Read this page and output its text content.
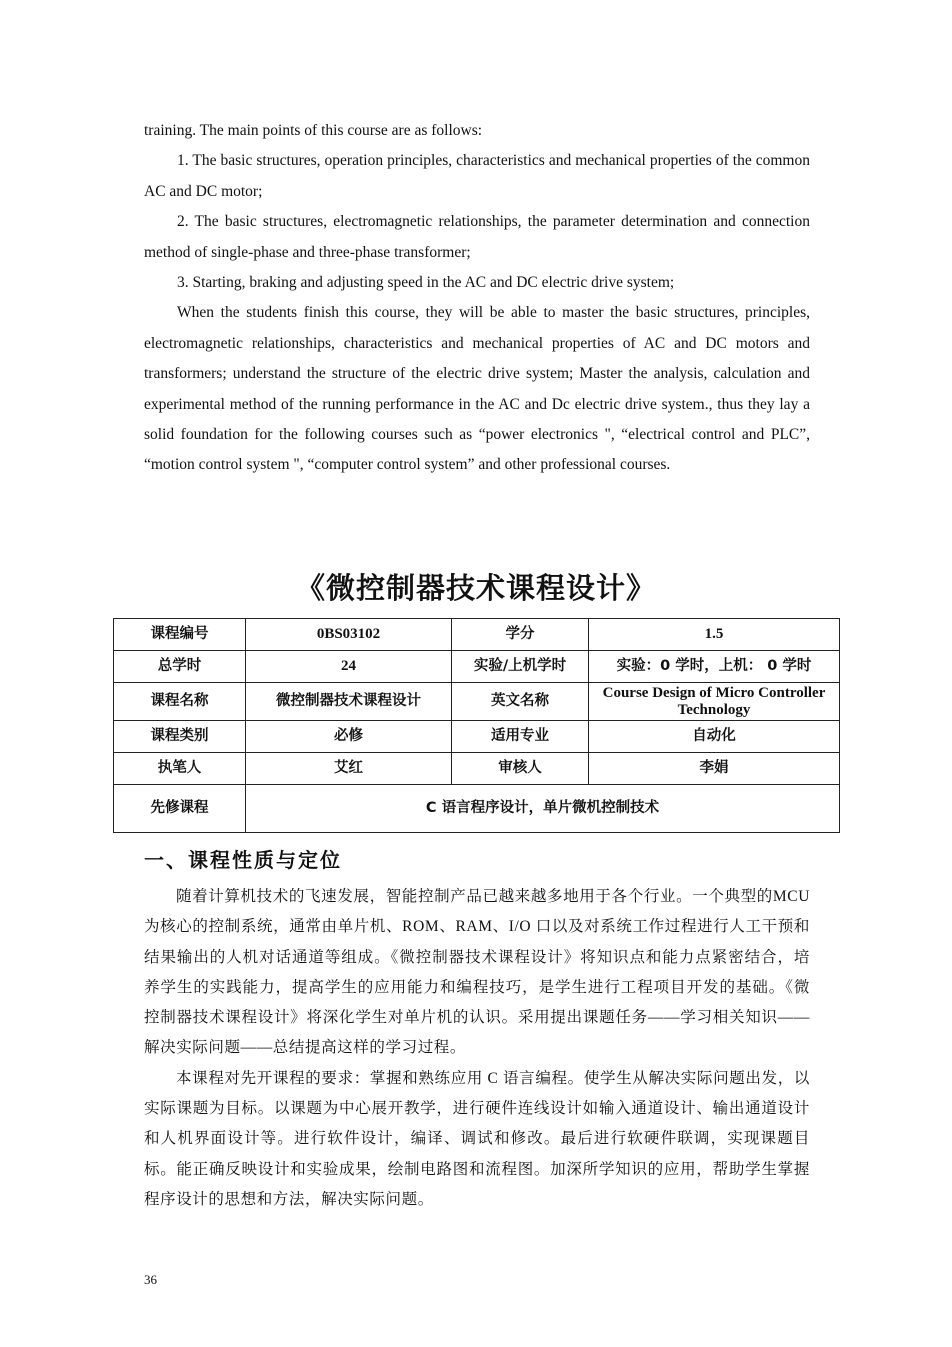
training. The main points of this course are as follows:

1. The basic structures, operation principles, characteristics and mechanical properties of the common AC and DC motor;

2. The basic structures, electromagnetic relationships, the parameter determination and connection method of single-phase and three-phase transformer;

3. Starting, braking and adjusting speed in the AC and DC electric drive system;

When the students finish this course, they will be able to master the basic structures, principles, electromagnetic relationships, characteristics and mechanical properties of AC and DC motors and transformers; understand the structure of the electric drive system; Master the analysis, calculation and experimental method of the running performance in the AC and Dc electric drive system., thus they lay a solid foundation for the following courses such as “power electronics ", “electrical control and PLC”, “motion control system ", “computer control system” and other professional courses.

《微控制器技术课程设计》
课程编号	0BS03102	学分	1.5
总学时	24	实验/上机学时	实验：0 学时，上机： 0 学时
课程名称	微控制器技术课程设计	英文名称	Course Design of Micro Controller Technology
课程类别	必修	适用专业	自动化
执笔人	艾红	审核人	李娟
先修课程	C 语言程序设计，单片微机控制技术		
一、课程性质与定位

随着计算机技术的飞速发展，智能控制产品已越来越多地用于各个行业。一个典型的MCU 为核心的控制系统，通常由单片机、ROM、RAM、I/O 口以及对系统工作过程进行人工干预和结果输出的人机对话通道等组成。《微控制器技术课程设计》将知识点和能力点紧密结合，培养学生的实践能力，提高学生的应用能力和编程技巧，是学生进行工程项目开发的基础。《微控制器技术课程设计》将深化学生对单片机的认识。采用提出课题任务——学习相关知识——解决实际问题——总结提高这样的学习过程。

本课程对先开课程的要求：掌握和熟练应用 C 语言编程。使学生从解决实际问题出发，以实际课题为目标。以课题为中心展开教学，进行硬件连线设计如输入通道设计、输出通道设计和人机界面设计等。进行软件设计，编译、调试和修改。最后进行软硬件联调，实现课题目标。能正确反映设计和实验成果，绘制电路图和流程图。加深所学知识的应用，帮助学生掌握程序设计的思想和方法，解决实际问题。

36
